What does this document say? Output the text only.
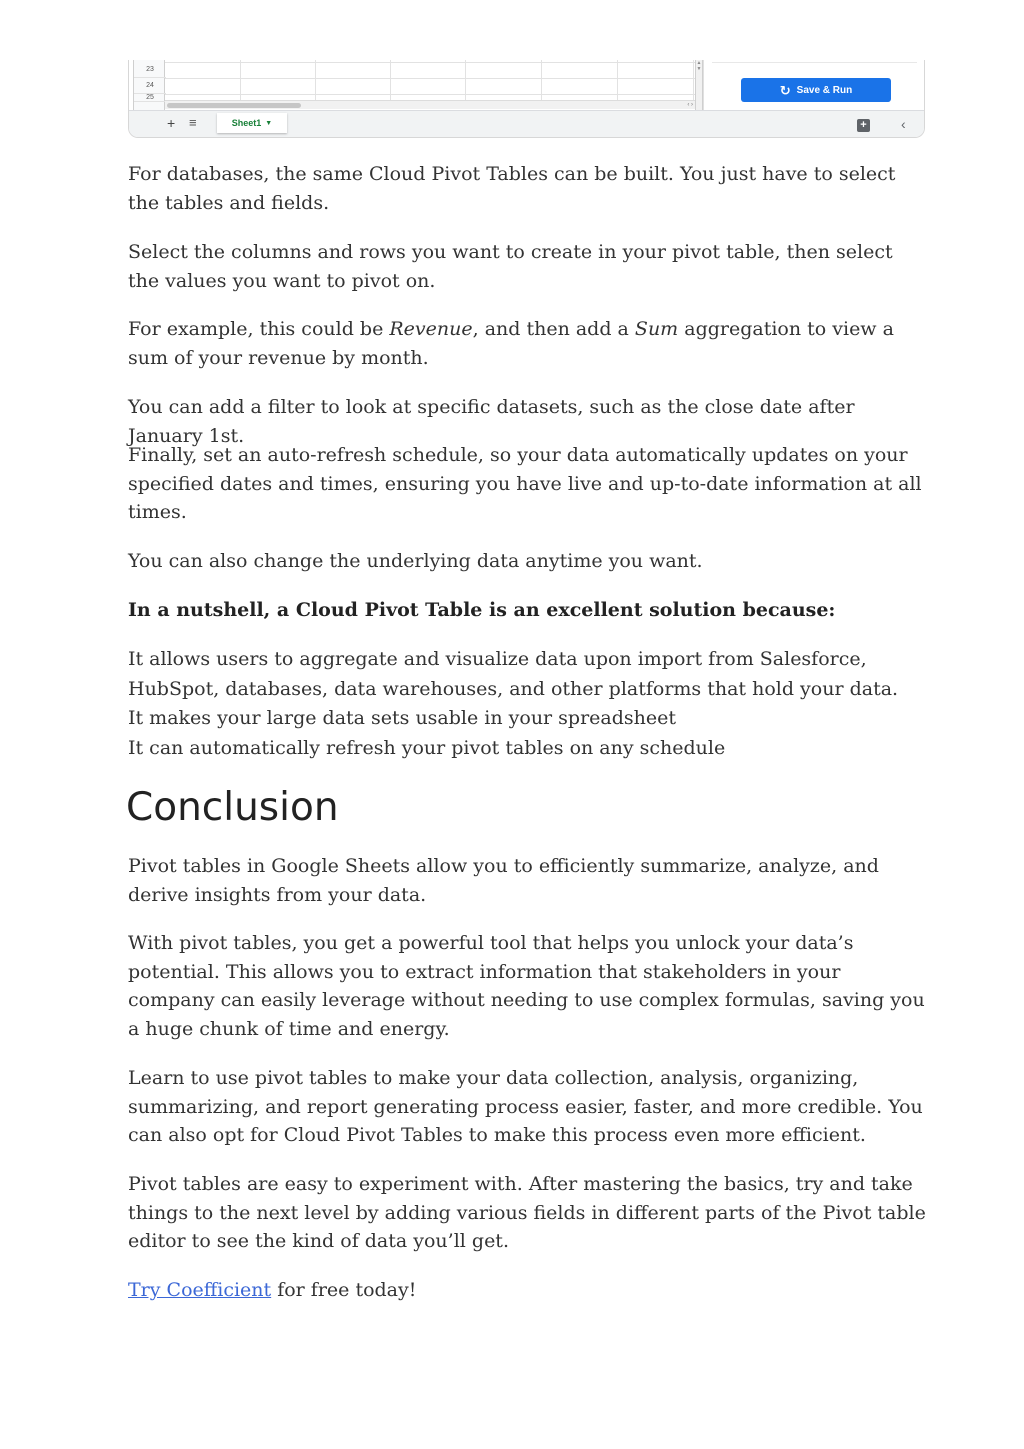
23
24
25
‹ ›
▲
▼
↻ Save & Run
+ ≡	Sheet1 ▼	+ ‹

For databases, the same Cloud Pivot Tables can be built. You just have to select the tables and fields.

Select the columns and rows you want to create in your pivot table, then select the values you want to pivot on.

For example, this could be Revenue, and then add a Sum aggregation to view a sum of your revenue by month.

You can add a filter to look at specific datasets, such as the close date after January 1st.

Finally, set an auto-refresh schedule, so your data automatically updates on your specified dates and times, ensuring you have live and up-to-date information at all times.

You can also change the underlying data anytime you want.

In a nutshell, a Cloud Pivot Table is an excellent solution because:

It allows users to aggregate and visualize data upon import from Salesforce, HubSpot, databases, data warehouses, and other platforms that hold your data.

It makes your large data sets usable in your spreadsheet

It can automatically refresh your pivot tables on any schedule

Conclusion

Pivot tables in Google Sheets allow you to efficiently summarize, analyze, and derive insights from your data.

With pivot tables, you get a powerful tool that helps you unlock your data’s potential. This allows you to extract information that stakeholders in your company can easily leverage without needing to use complex formulas, saving you a huge chunk of time and energy.

Learn to use pivot tables to make your data collection, analysis, organizing, summarizing, and report generating process easier, faster, and more credible. You can also opt for Cloud Pivot Tables to make this process even more efficient.

Pivot tables are easy to experiment with. After mastering the basics, try and take things to the next level by adding various fields in different parts of the Pivot table editor to see the kind of data you’ll get.

Try Coefficient for free today!
